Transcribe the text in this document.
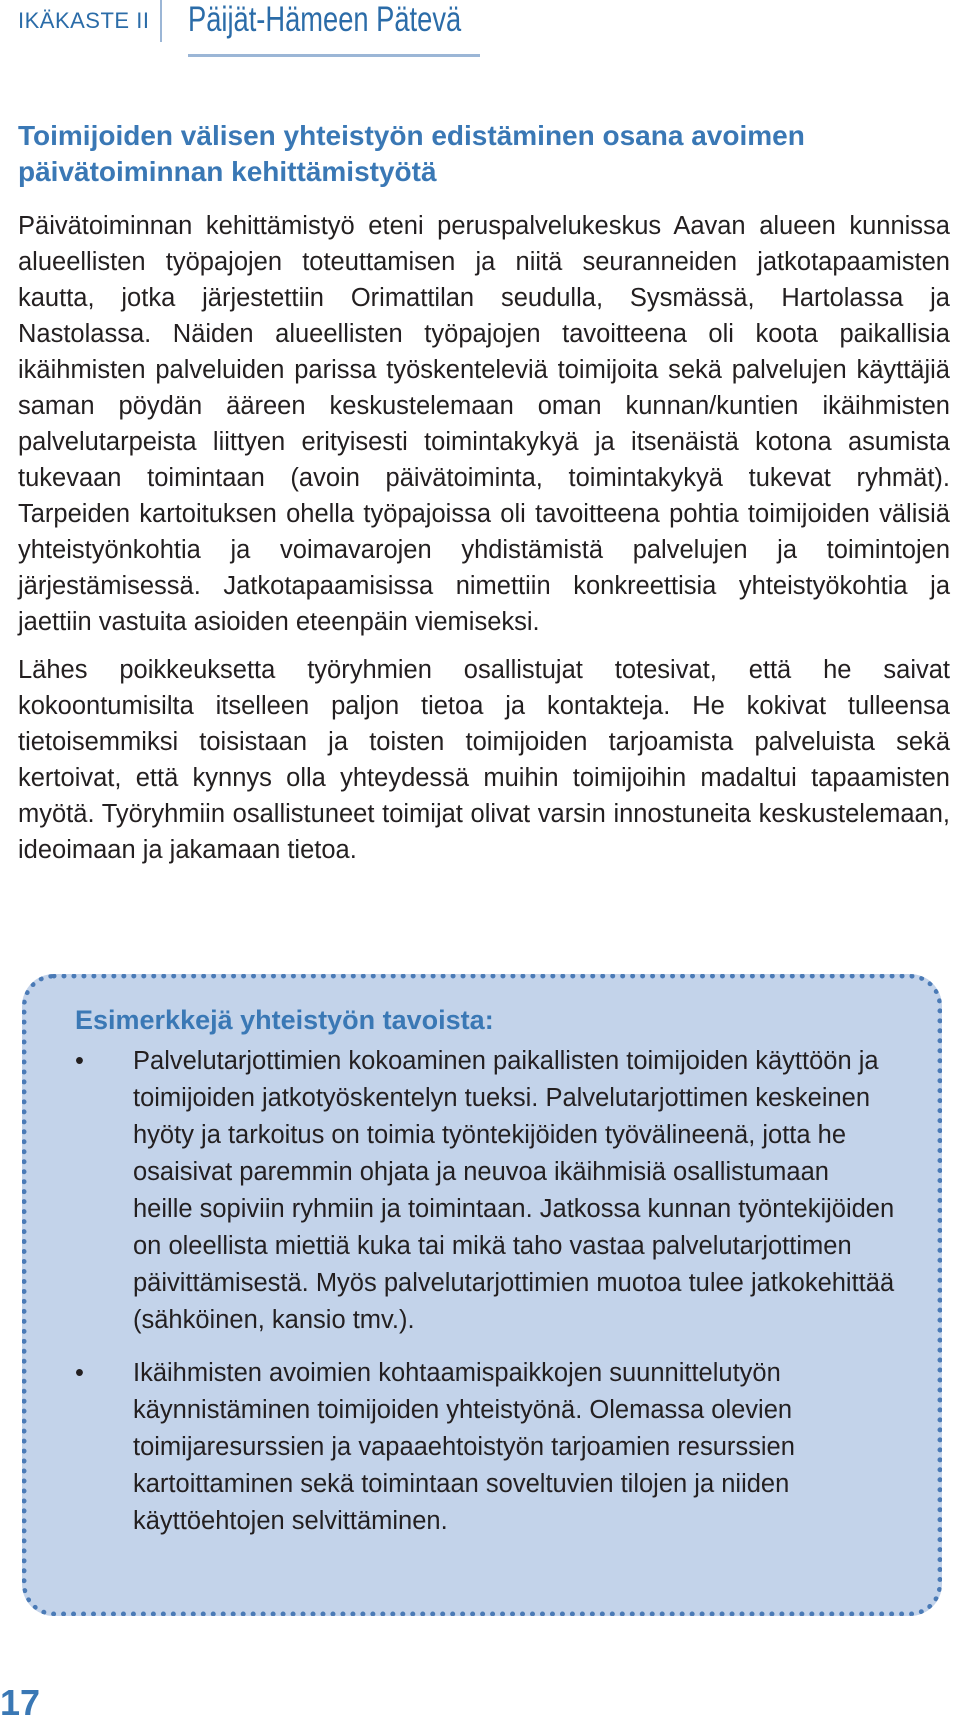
IKÄKASTE II Päijät-Hämeen Pätevä
Toimijoiden välisen yhteistyön edistäminen osana avoimen päivätoiminnan kehittämistyötä

Päivätoiminnan kehittämistyö eteni peruspalvelukeskus Aavan alueen kunnissa alueellisten työpajojen toteuttamisen ja niitä seuranneiden jatkotapaamisten kautta, jotka järjestettiin Orimattilan seudulla, Sysmässä, Hartolassa ja Nastolassa. Näiden alueellisten työpajojen tavoitteena oli koota paikallisia ikäihmisten palveluiden parissa työskenteleviä toimijoita sekä palvelujen käyttäjiä saman pöydän ääreen keskustelemaan oman kunnan/kuntien ikäihmisten palvelutarpeista liittyen erityisesti toimintakykyä ja itsenäistä kotona asumista tukevaan toimintaan (avoin päivätoiminta, toimintakykyä tukevat ryhmät). Tarpeiden kartoituksen ohella työpajoissa oli tavoitteena pohtia toimijoiden välisiä yhteistyönkohtia ja voimavarojen yhdistämistä palvelujen ja toimintojen järjestämisessä. Jatkotapaamisissa nimettiin konkreettisia yhteistyökohtia ja jaettiin vastuita asioiden eteenpäin viemiseksi.

Lähes poikkeuksetta työryhmien osallistujat totesivat, että he saivat kokoontumisilta itselleen paljon tietoa ja kontakteja. He kokivat tulleensa tietoisemmiksi toisistaan ja toisten toimijoiden tarjoamista palveluista sekä kertoivat, että kynnys olla yhteydessä muihin toimijoihin madaltui tapaamisten myötä. Työryhmiin osallistuneet toimijat olivat varsin innostuneita keskustelemaan, ideoimaan ja jakamaan tietoa.

Esimerkkejä yhteistyön tavoista:
• Palvelutarjottimien kokoaminen paikallisten toimijoiden käyttöön ja toimijoiden jatkotyöskentelyn tueksi. Palvelutarjottimen keskeinen hyöty ja tarkoitus on toimia työntekijöiden työvälineenä, jotta he osaisivat paremmin ohjata ja neuvoa ikäihmisiä osallistumaan heille sopiviin ryhmiin ja toimintaan. Jatkossa kunnan työntekijöiden on oleellista miettiä kuka tai mikä taho vastaa palvelutarjottimen päivittämisestä. Myös palvelutarjottimien muotoa tulee jatkokehittää (sähköinen, kansio tmv.).
• Ikäihmisten avoimien kohtaamispaikkojen suunnittelutyön käynnistäminen toimijoiden yhteistyönä. Olemassa olevien toimijaresurssien ja vapaaehtoistyön tarjoamien resurssien kartoittaminen sekä toimintaan soveltuvien tilojen ja niiden käyttöehtojen selvittäminen.
17
